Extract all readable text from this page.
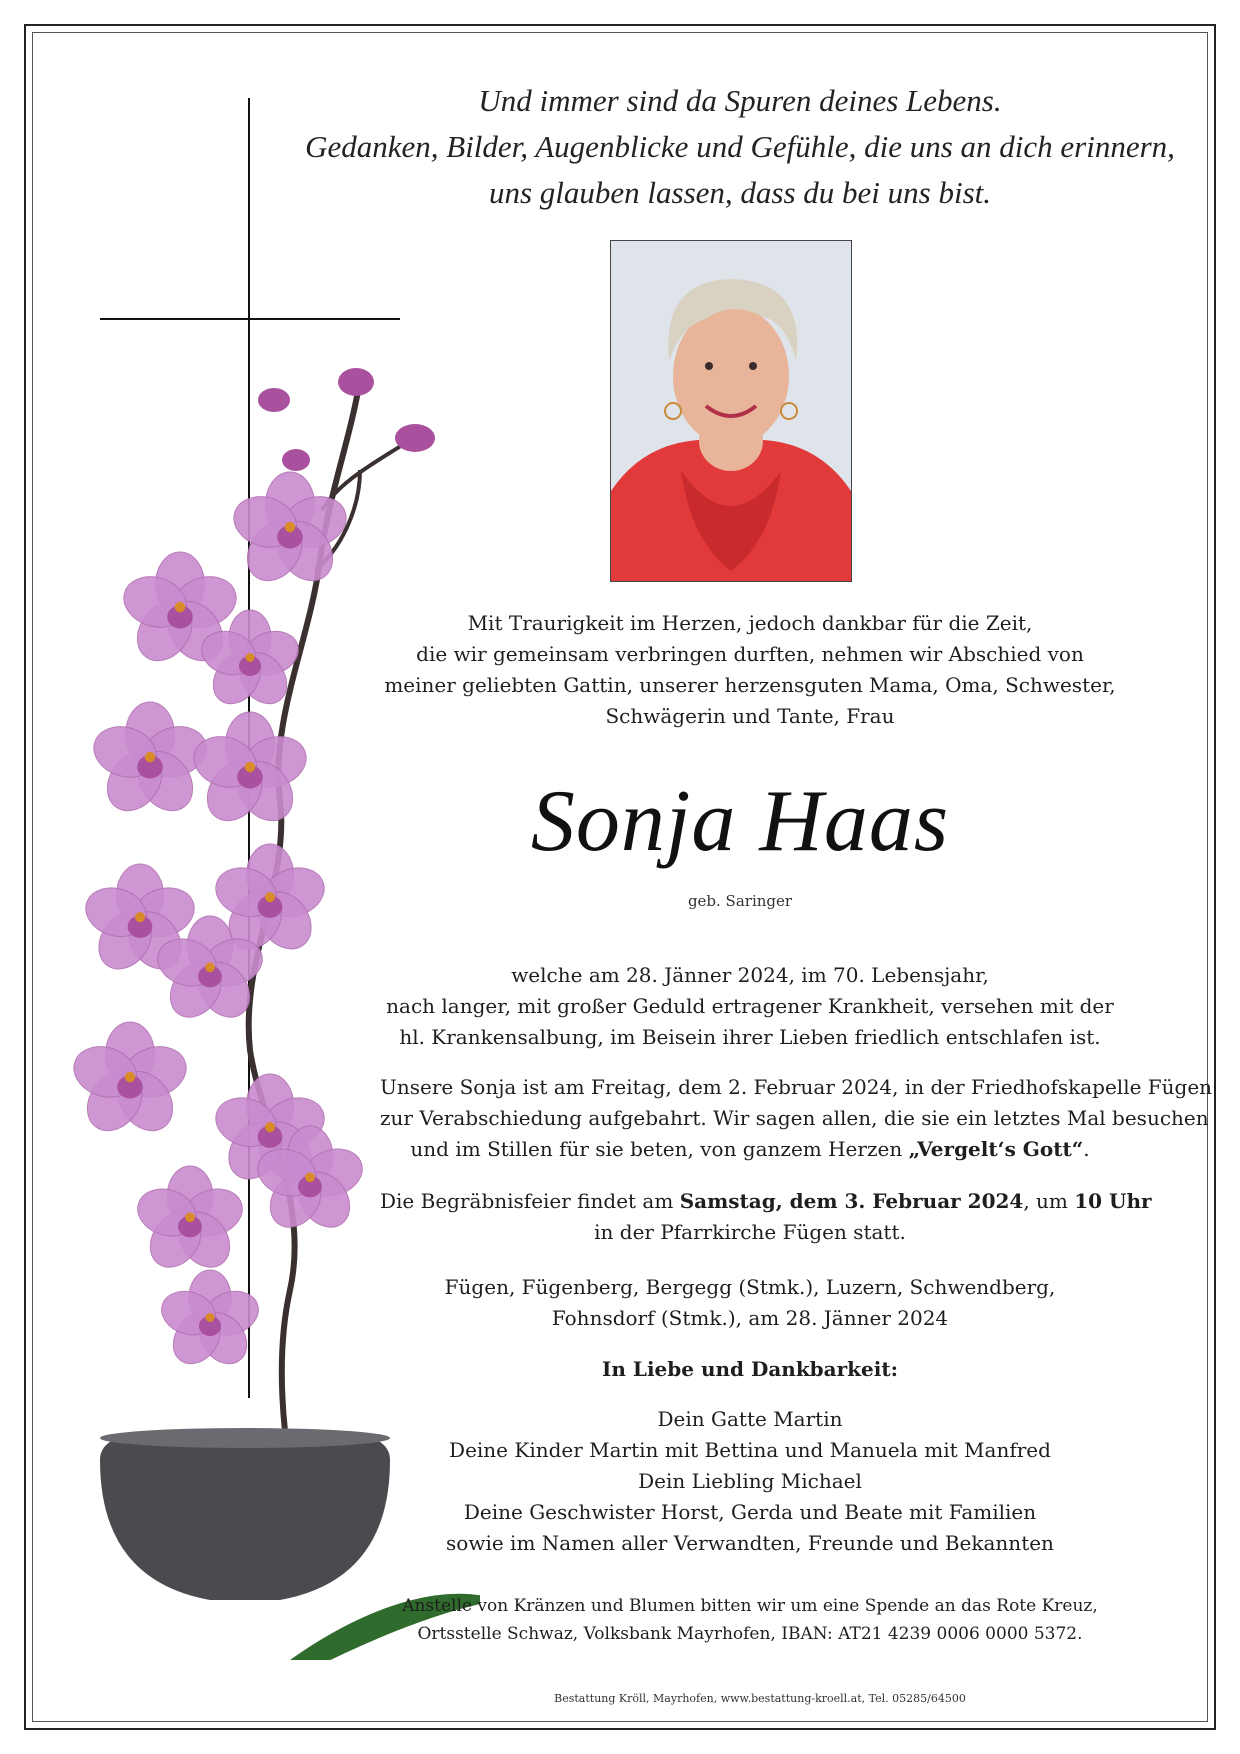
Und immer sind da Spuren deines Lebens.
Gedanken, Bilder, Augenblicke und Gefühle, die uns an dich erinnern,
uns glauben lassen, dass du bei uns bist.
Mit Traurigkeit im Herzen, jedoch dankbar für die Zeit,
die wir gemeinsam verbringen durften, nehmen wir Abschied von
meiner geliebten Gattin, unserer herzensguten Mama, Oma, Schwester,
Schwägerin und Tante, Frau
Sonja Haas
geb. Saringer
welche am 28. Jänner 2024, im 70. Lebensjahr,
nach langer, mit großer Geduld ertragener Krankheit, versehen mit der
hl. Krankensalbung, im Beisein ihrer Lieben friedlich entschlafen ist.
Unsere Sonja ist am Freitag, dem 2. Februar 2024, in der Friedhofskapelle Fügen
zur Verabschiedung aufgebahrt. Wir sagen allen, die sie ein letztes Mal besuchen
und im Stillen für sie beten, von ganzem Herzen „Vergelt‘s Gott“.
Die Begräbnisfeier findet am Samstag, dem 3. Februar 2024, um 10 Uhr
in der Pfarrkirche Fügen statt.
Fügen, Fügenberg, Bergegg (Stmk.), Luzern, Schwendberg,
Fohnsdorf (Stmk.), am 28. Jänner 2024
In Liebe und Dankbarkeit:
Dein Gatte Martin
Deine Kinder Martin mit Bettina und Manuela mit Manfred
Dein Liebling Michael
Deine Geschwister Horst, Gerda und Beate mit Familien
sowie im Namen aller Verwandten, Freunde und Bekannten
Anstelle von Kränzen und Blumen bitten wir um eine Spende an das Rote Kreuz,
Ortsstelle Schwaz, Volksbank Mayrhofen, IBAN: AT21 4239 0006 0000 5372.
Bestattung Kröll, Mayrhofen, www.bestattung-kroell.at, Tel. 05285/64500
